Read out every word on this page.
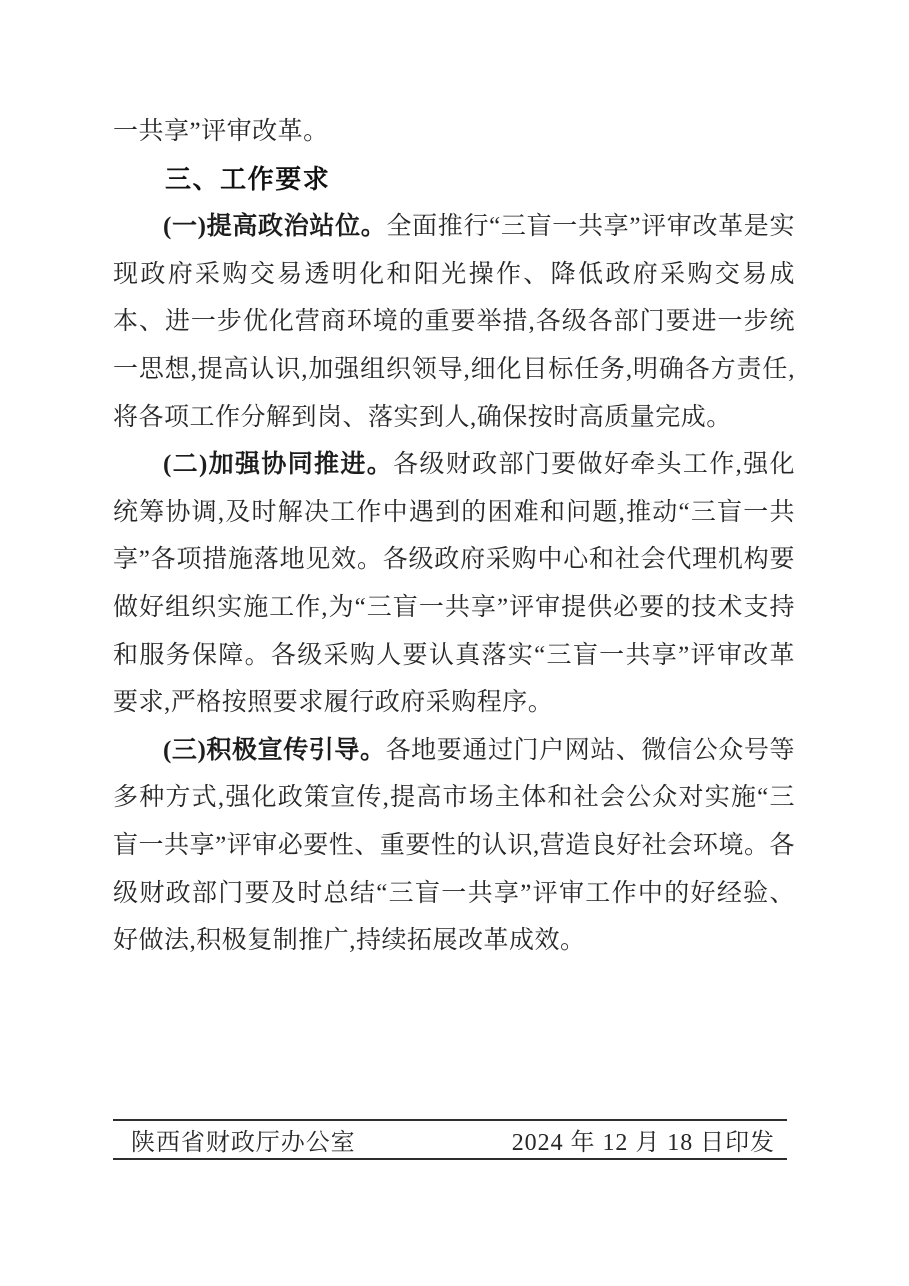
一共享”评审改革。
三、工作要求
(一)提高政治站位。全面推行“三盲一共享”评审改革是实现政府采购交易透明化和阳光操作、降低政府采购交易成本、进一步优化营商环境的重要举措,各级各部门要进一步统一思想,提高认识,加强组织领导,细化目标任务,明确各方责任,将各项工作分解到岗、落实到人,确保按时高质量完成。
(二)加强协同推进。各级财政部门要做好牵头工作,强化统筹协调,及时解决工作中遇到的困难和问题,推动“三盲一共享”各项措施落地见效。各级政府采购中心和社会代理机构要做好组织实施工作,为“三盲一共享”评审提供必要的技术支持和服务保障。各级采购人要认真落实“三盲一共享”评审改革要求,严格按照要求履行政府采购程序。
(三)积极宣传引导。各地要通过门户网站、微信公众号等多种方式,强化政策宣传,提高市场主体和社会公众对实施“三盲一共享”评审必要性、重要性的认识,营造良好社会环境。各级财政部门要及时总结“三盲一共享”评审工作中的好经验、好做法,积极复制推广,持续拓展改革成效。
陕西省财政厅办公室	2024 年 12 月 18 日印发
